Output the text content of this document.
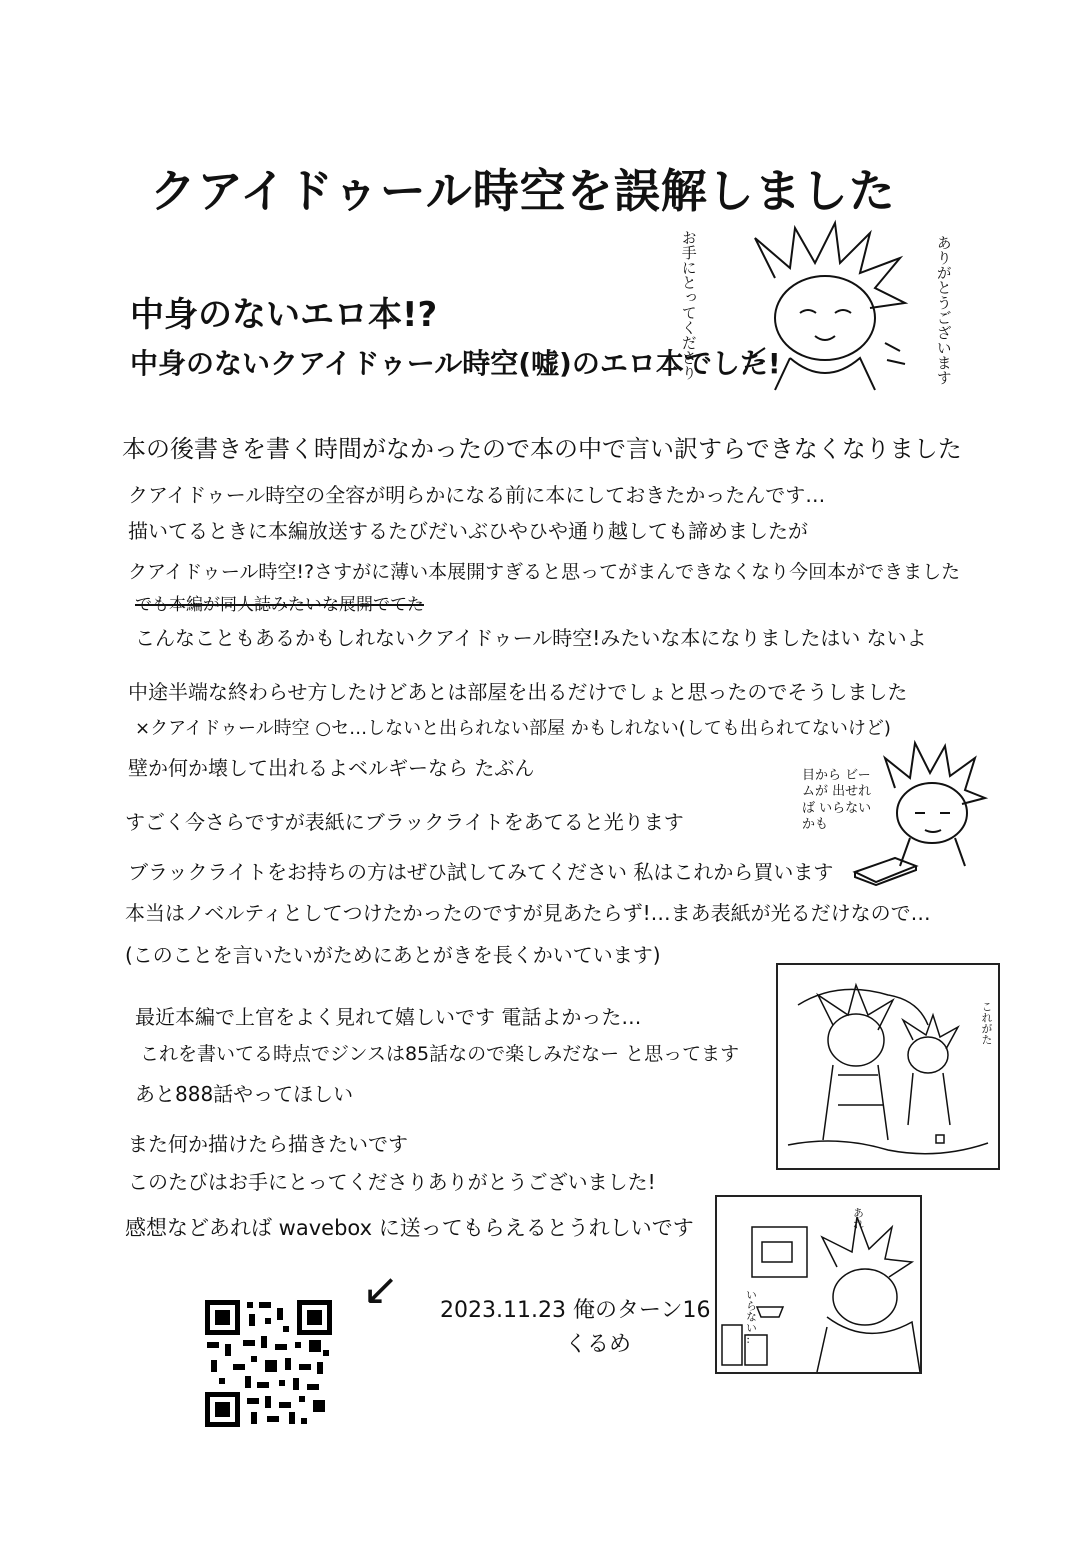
クアイドゥール時空を誤解しました
お手にとってくださり	ありがとうございます
中身のないエロ本!?
中身のないクアイドゥール時空(嘘)のエロ本でした!
本の後書きを書く時間がなかったので本の中で言い訳すらできなくなりました
クアイドゥール時空の全容が明らかになる前に本にしておきたかったんです…
描いてるときに本編放送するたびだいぶひやひや通り越しても諦めましたが
クアイドゥール時空!?さすがに薄い本展開すぎると思ってがまんできなくなり今回本ができました
でも本編が同人誌みたいな展開でてた
こんなこともあるかもしれないクアイドゥール時空!みたいな本になりましたはい ないよ
中途半端な終わらせ方したけどあとは部屋を出るだけでしょと思ったのでそうしました
×クアイドゥール時空 ○セ…しないと出られない部屋 かもしれない(しても出られてないけど)
壁か何か壊して出れるよベルギーなら たぶん	目から ビームが 出せれば いらないかも
すごく今さらですが表紙にブラックライトをあてると光ります
ブラックライトをお持ちの方はぜひ試してみてください 私はこれから買います
本当はノベルティとしてつけたかったのですが見あたらず!…まあ表紙が光るだけなので…
(このことを言いたいがためにあとがきを長くかいています)
これがた
最近本編で上官をよく見れて嬉しいです 電話よかった…
これを書いてる時点でジンスは85話なので楽しみだなー と思ってます
あと888話やってほしい
また何か描けたら描きたいです
このたびはお手にとってくださりありがとうございました!
感想などあれば wavebox に送ってもらえるとうれしいです	あれ
いらない…
↙ 2023.11.23 俺のターン16
くるめ
